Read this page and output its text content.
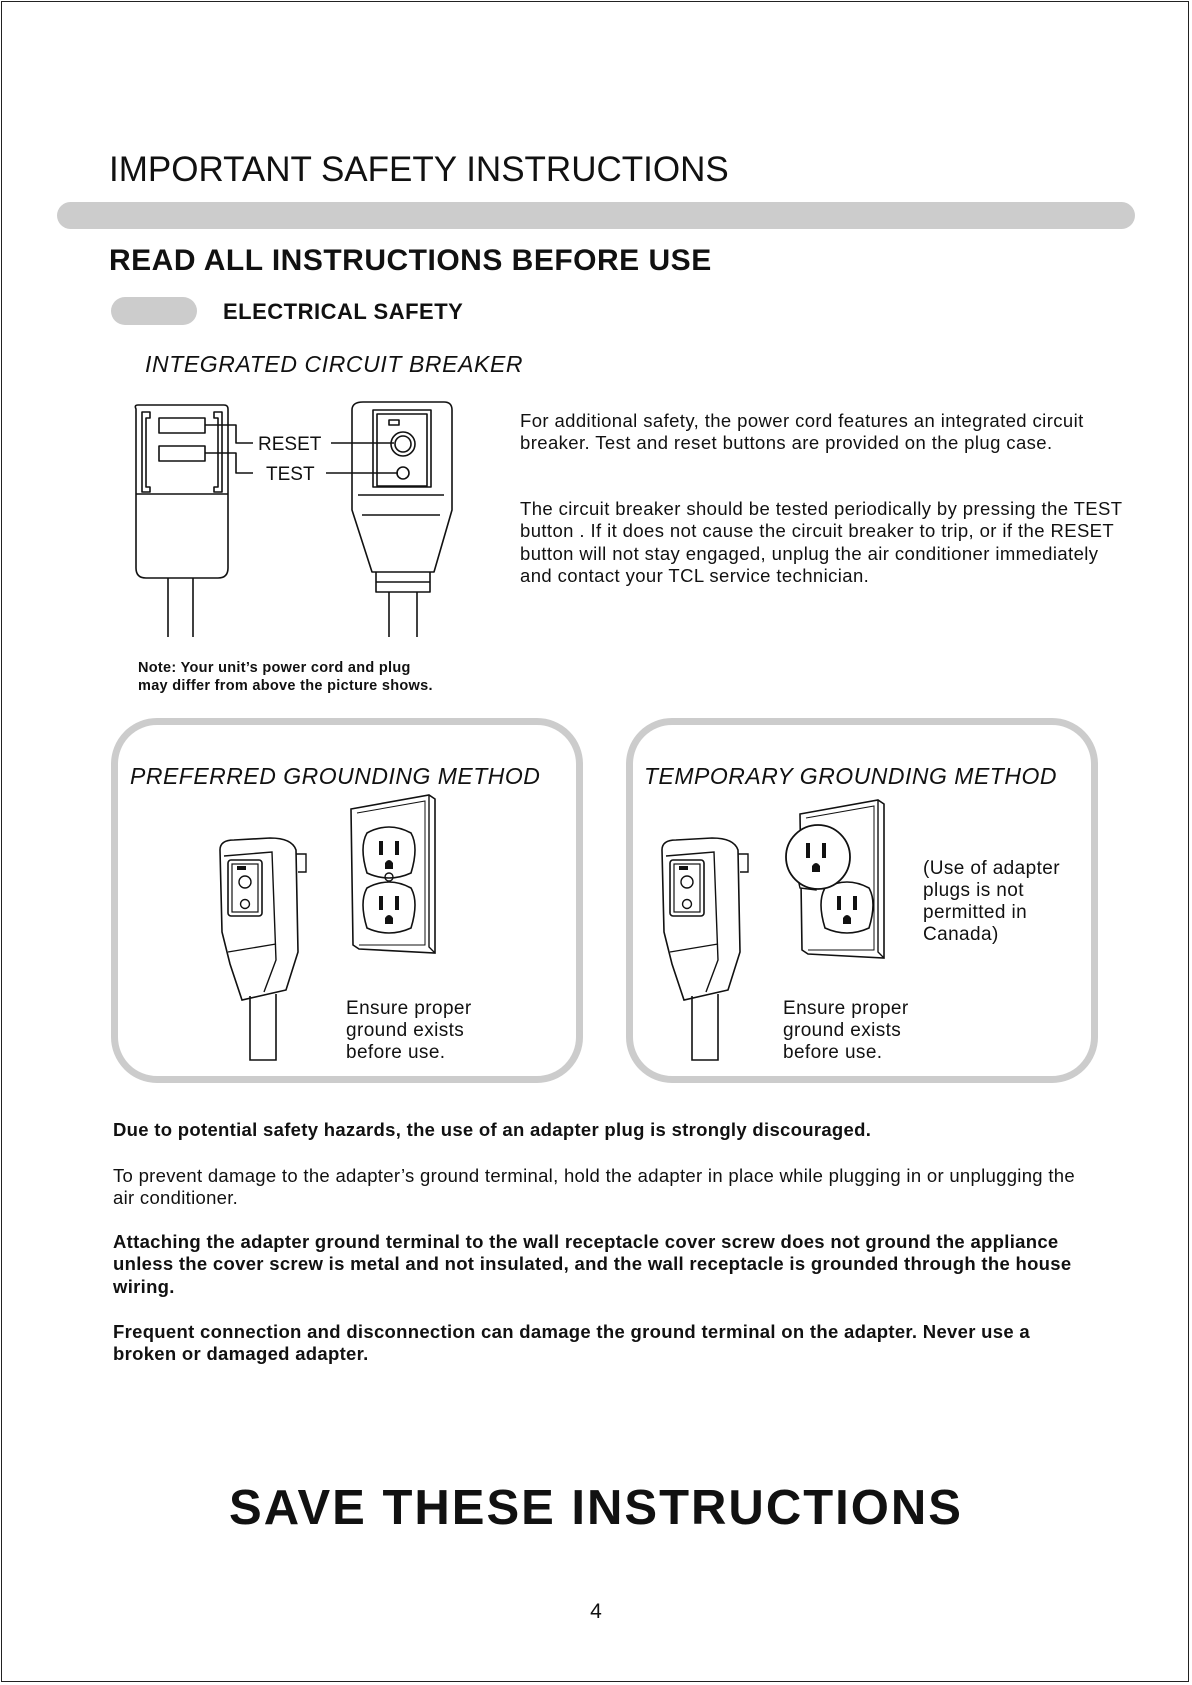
IMPORTANT SAFETY INSTRUCTIONS
READ ALL INSTRUCTIONS BEFORE USE
ELECTRICAL SAFETY
INTEGRATED CIRCUIT BREAKER
RESET
TEST
For additional safety, the power cord features an integrated circuit breaker. Test and reset buttons are provided on the plug case.
The circuit breaker should be tested periodically by pressing the TEST button . If it does not cause the circuit breaker to trip, or if the RESET button will not stay engaged, unplug the air conditioner immediately and contact your TCL service technician.
Note: Your unit’s power cord and plug
may differ from above the picture shows.
PREFERRED GROUNDING METHOD
Ensure proper
ground exists
before use.
TEMPORARY GROUNDING METHOD
Ensure proper
ground exists
before use.
(Use of adapter
plugs is not
permitted in
Canada)
Due to potential safety hazards, the use of an adapter plug is strongly discouraged.
To prevent damage to the adapter’s ground terminal, hold the adapter in place while plugging in or unplugging the air conditioner.
Attaching the adapter ground terminal to the wall receptacle cover screw does not ground the appliance unless the cover screw is metal and not insulated, and the wall receptacle is grounded through the house wiring.
Frequent connection and disconnection can damage the ground terminal on the adapter. Never use a broken or damaged adapter.
SAVE THESE INSTRUCTIONS
4
